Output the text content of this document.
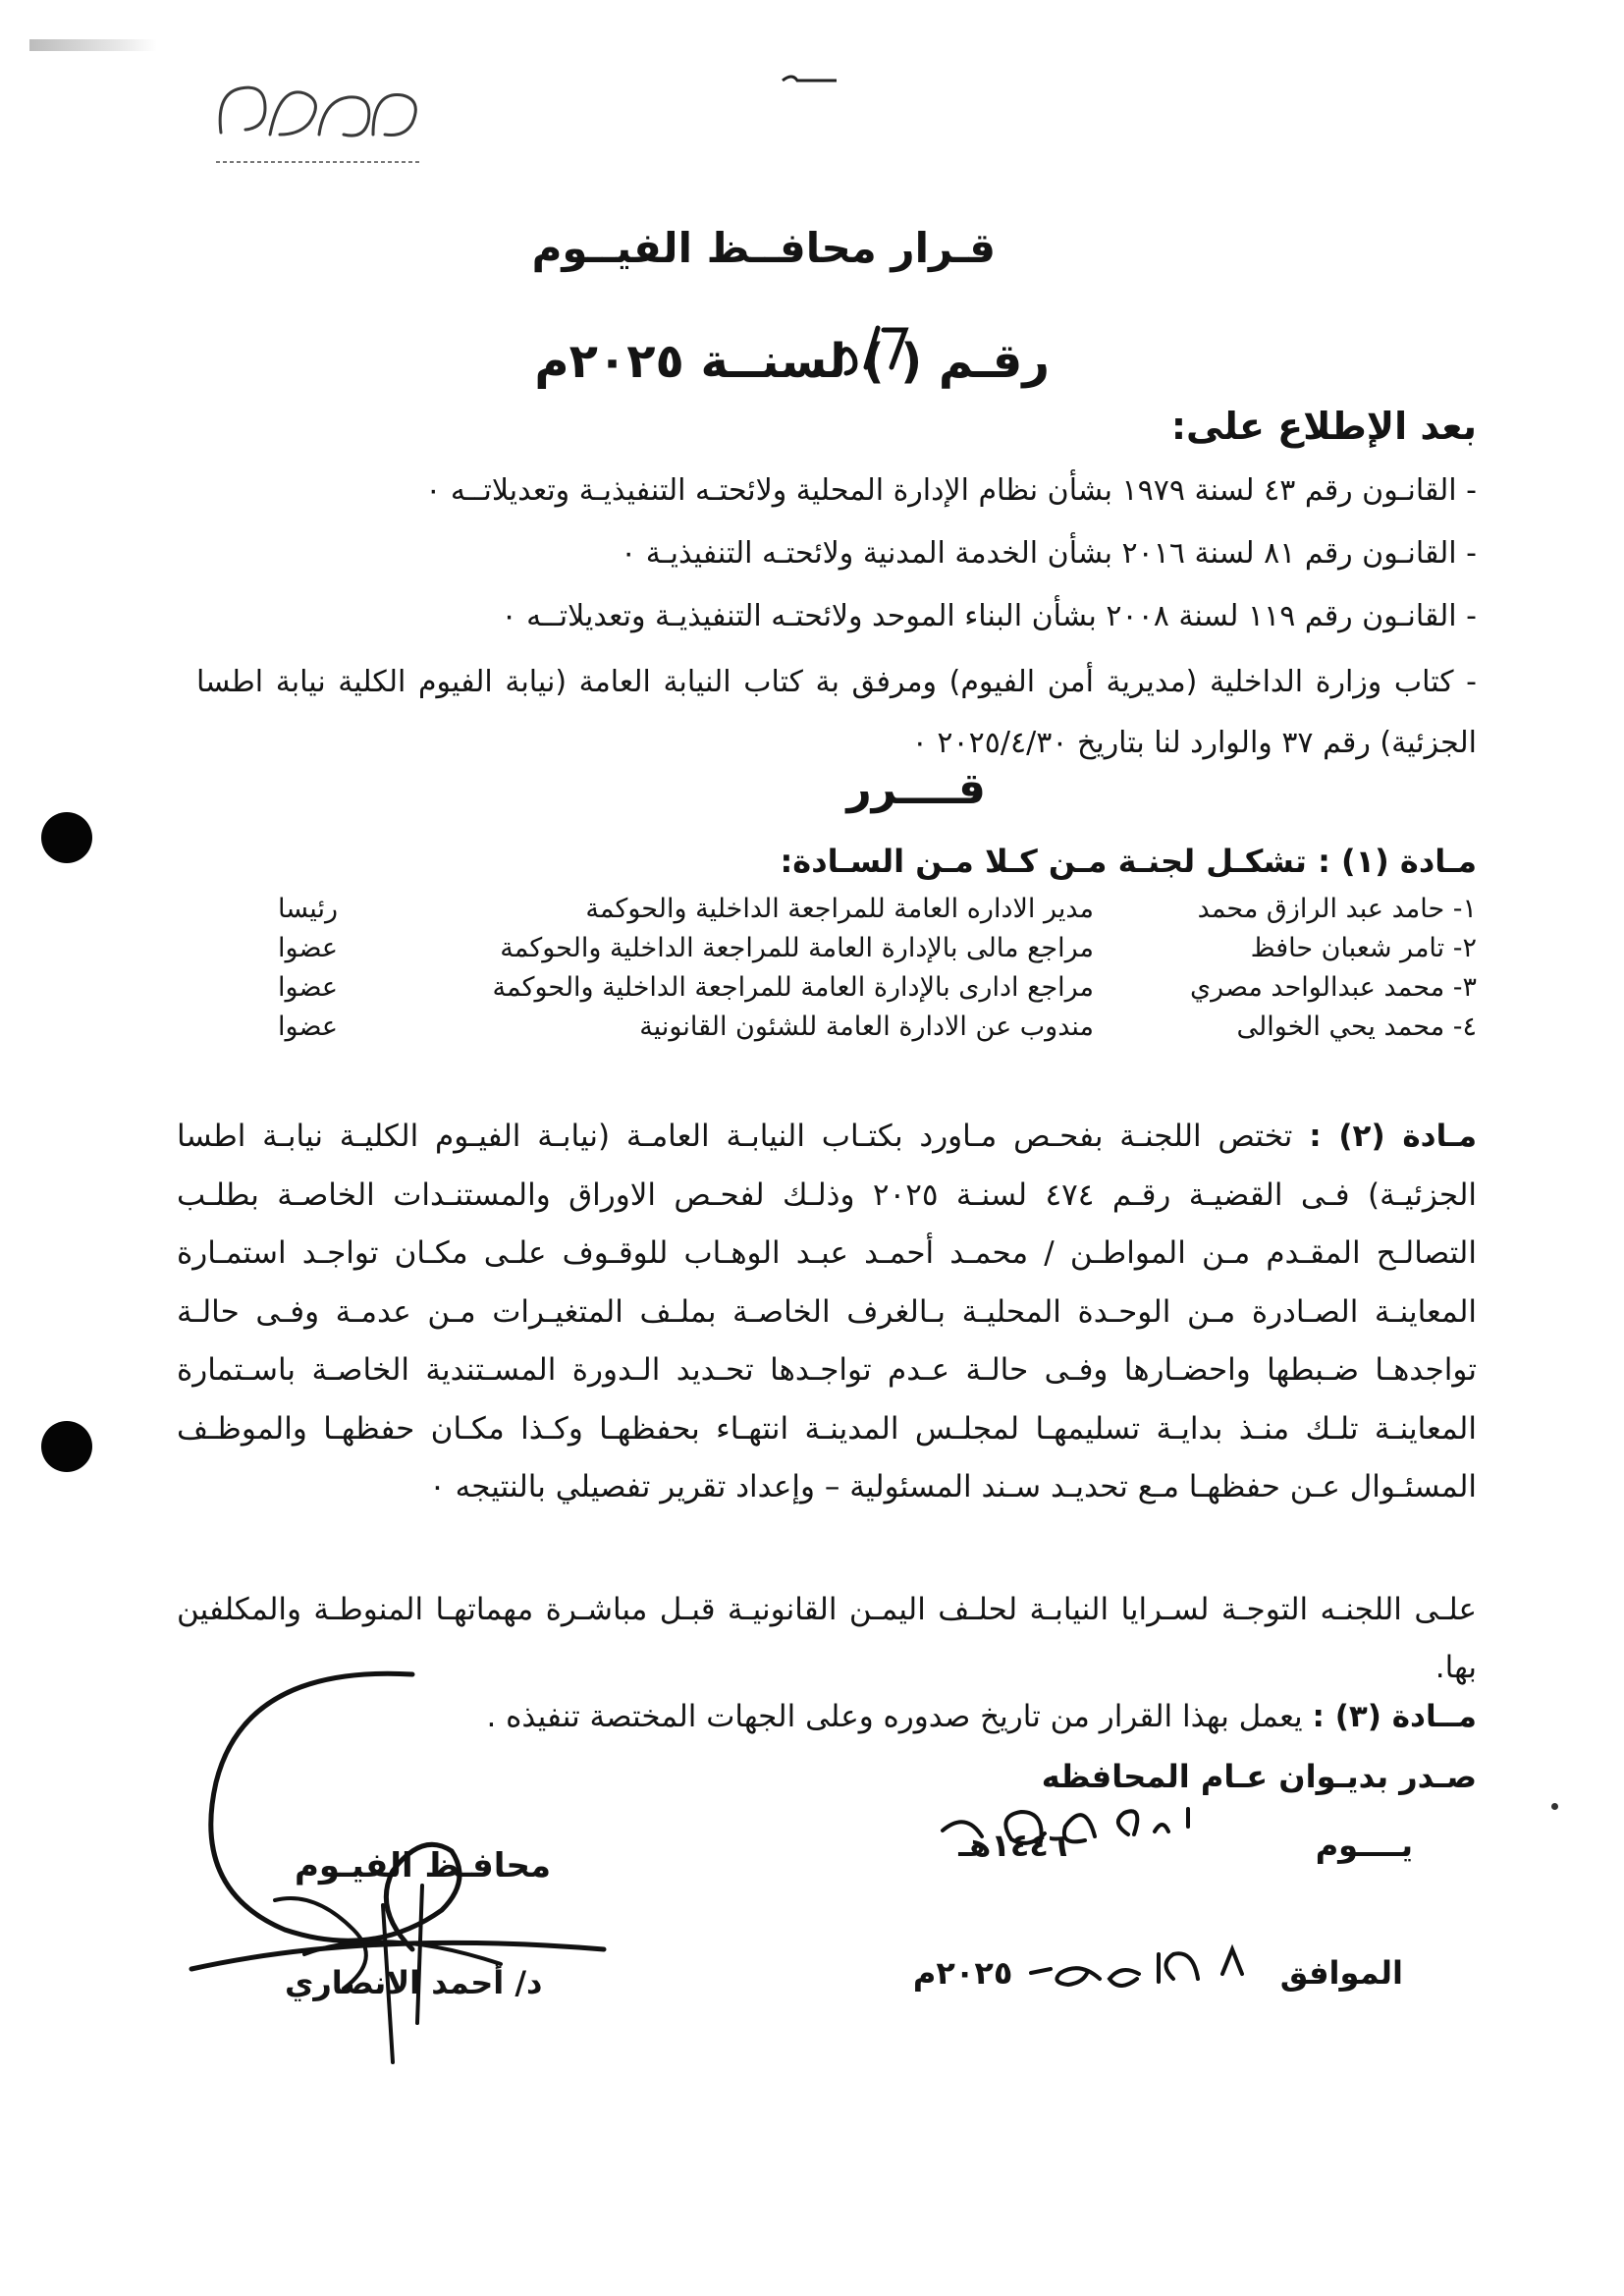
قـرار محافــظ الفيــوم
رقـم ( ) لسنــة ٢٠٢٥م
بعد الإطلاع على:
- القانـون رقم ٤٣ لسنة ١٩٧٩ بشأن نظام الإدارة المحلية ولائحتـه التنفيذيـة وتعديلاتــه ٠
- القانـون رقم ٨١ لسنة ٢٠١٦ بشأن الخدمة المدنية ولائحتـه التنفيذيـة ٠
- القانـون رقم ١١٩ لسنة ٢٠٠٨ بشأن البناء الموحد ولائحتـه التنفيذيـة وتعديلاتــه ٠
- كتاب وزارة الداخلية (مديرية أمن الفيوم) ومرفق بة كتاب النيابة العامة (نيابة الفيوم الكلية نيابة اطسا الجزئية) رقم ٣٧ والوارد لنا بتاريخ ٢٠٢٥/٤/٣٠ ٠
قــــرر
مـادة (١) : تشكـل لجنـة مـن كـلا مـن السـادة:
١- حامد عبد الرازق محمد
مدير الاداره العامة للمراجعة الداخلية والحوكمة
رئيسا
٢- تامر شعبان حافظ
مراجع مالى بالإدارة العامة للمراجعة الداخلية والحوكمة
عضوا
٣- محمد عبدالواحد مصري
مراجع ادارى بالإدارة العامة للمراجعة الداخلية والحوكمة
عضوا
٤- محمد يحي الخوالى
مندوب عن الادارة العامة للشئون القانونية
عضوا
مـادة (٢) : تختص اللجنـة بفحـص مـاورد بكتـاب النيابـة العامـة (نيابـة الفيـوم الكليـة نيابـة اطسا الجزئيـة) فـى القضيـة رقـم ٤٧٤ لسنـة ٢٠٢٥ وذلـك لفحـص الاوراق والمستنـدات الخاصـة بطلـب التصالـح المقـدم مـن المواطـن / محمـد أحمـد عبـد الوهـاب للوقـوف علـى مكـان تواجـد استمـارة المعاينـة الصـادرة مـن الوحـدة المحليـة بـالغرف الخاصـة بملـف المتغيـرات مـن عدمـة وفـى حالـة تواجدهـا ضـبطها واحضـارها وفـى حالـة عـدم تواجـدها تحـديد الـدورة المسـتندية الخاصـة باسـتمارة المعاينـة تلـك منـذ بدايـة تسليمهـا لمجلـس المدينـة انتهـاء بحفظهـا وكـذا مكـان حفظهـا والموظـف المسئـوال عـن حفظهـا مـع تحديـد سـند المسئولية – وإعداد تقرير تفصيلي بالنتيجه ٠
علـى اللجنـه التوجـة لسـرايا النيابـة لحلـف اليمـن القانونيـة قبـل مباشـرة مهماتهـا المنوطـة والمكلفين بها.
مــادة (٣) : يعمل بهذا القرار من تاريخ صدوره وعلى الجهات المختصة تنفيذه .
صـدر بديـوان عـام المحافظه
يــــوم  ١٤٤٦هـ
الموافق  ٢٠٢٥م
محافـظ الفيـوم
د/ أحمد الانصاري
